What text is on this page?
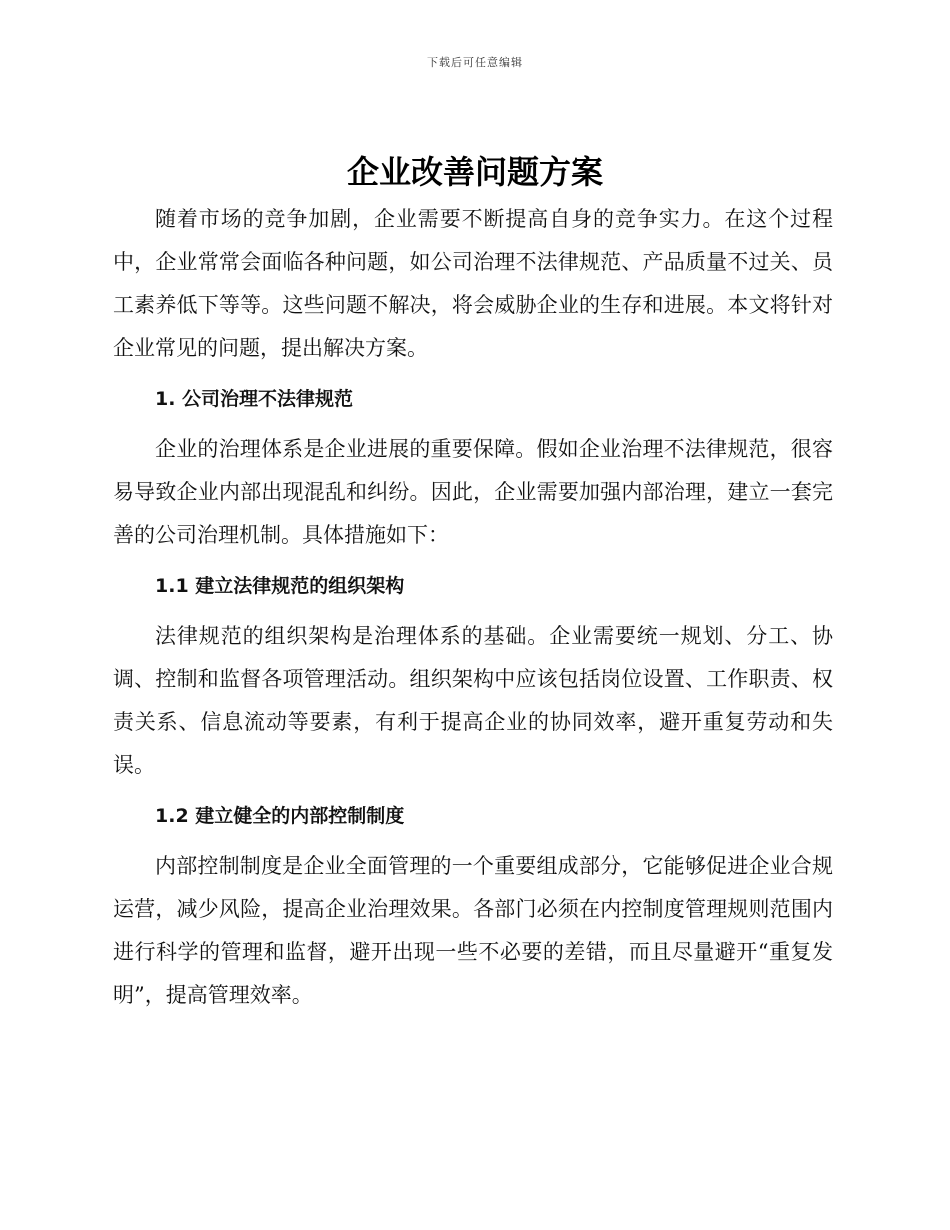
下载后可任意编辑
企业改善问题方案

随着市场的竞争加剧，企业需要不断提高自身的竞争实力。在这个过程中，企业常常会面临各种问题，如公司治理不法律规范、产品质量不过关、员工素养低下等等。这些问题不解决，将会威胁企业的生存和进展。本文将针对企业常见的问题，提出解决方案。

1. 公司治理不法律规范

企业的治理体系是企业进展的重要保障。假如企业治理不法律规范，很容易导致企业内部出现混乱和纠纷。因此，企业需要加强内部治理，建立一套完善的公司治理机制。具体措施如下：

1.1 建立法律规范的组织架构

法律规范的组织架构是治理体系的基础。企业需要统一规划、分工、协调、控制和监督各项管理活动。组织架构中应该包括岗位设置、工作职责、权责关系、信息流动等要素，有利于提高企业的协同效率，避开重复劳动和失误。

1.2 建立健全的内部控制制度

内部控制制度是企业全面管理的一个重要组成部分，它能够促进企业合规运营，减少风险，提高企业治理效果。各部门必须在内控制度管理规则范围内进行科学的管理和监督，避开出现一些不必要的差错，而且尽量避开“重复发明”，提高管理效率。
